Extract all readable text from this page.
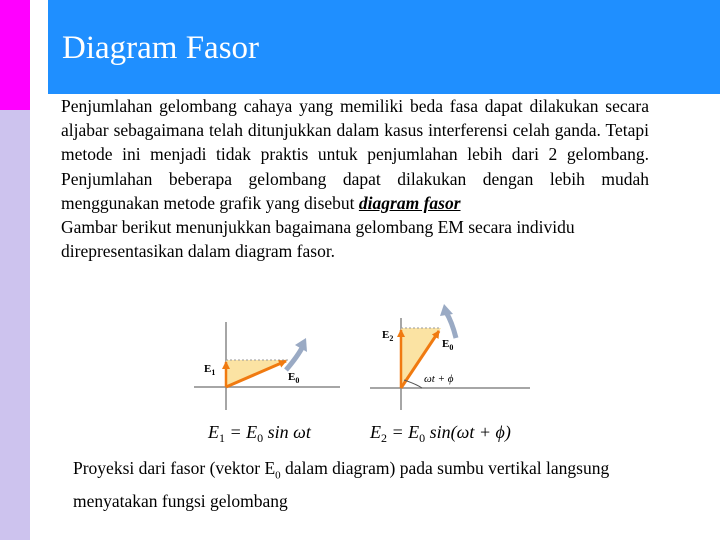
Diagram Fasor

Penjumlahan gelombang cahaya yang memiliki beda fasa dapat dilakukan secara aljabar sebagaimana telah ditunjukkan dalam kasus interferensi celah ganda. Tetapi metode ini menjadi tidak praktis untuk penjumlahan lebih dari 2 gelombang. Penjumlahan beberapa gelombang dapat dilakukan dengan lebih mudah menggunakan metode grafik yang disebut diagram fasor

Gambar berikut menunjukkan bagaimana gelombang EM secara individu direpresentasikan dalam diagram fasor.

$E_1$	$E_0$
$E_1 = E_0$ sin ωt
$E_2$	$E_0$
ωt + ϕ
$E_2 = E_0$ sin(ωt + ϕ)
Proyeksi dari fasor (vektor $E_0$ dalam diagram) pada sumbu vertikal langsung menyatakan fungsi gelombang
